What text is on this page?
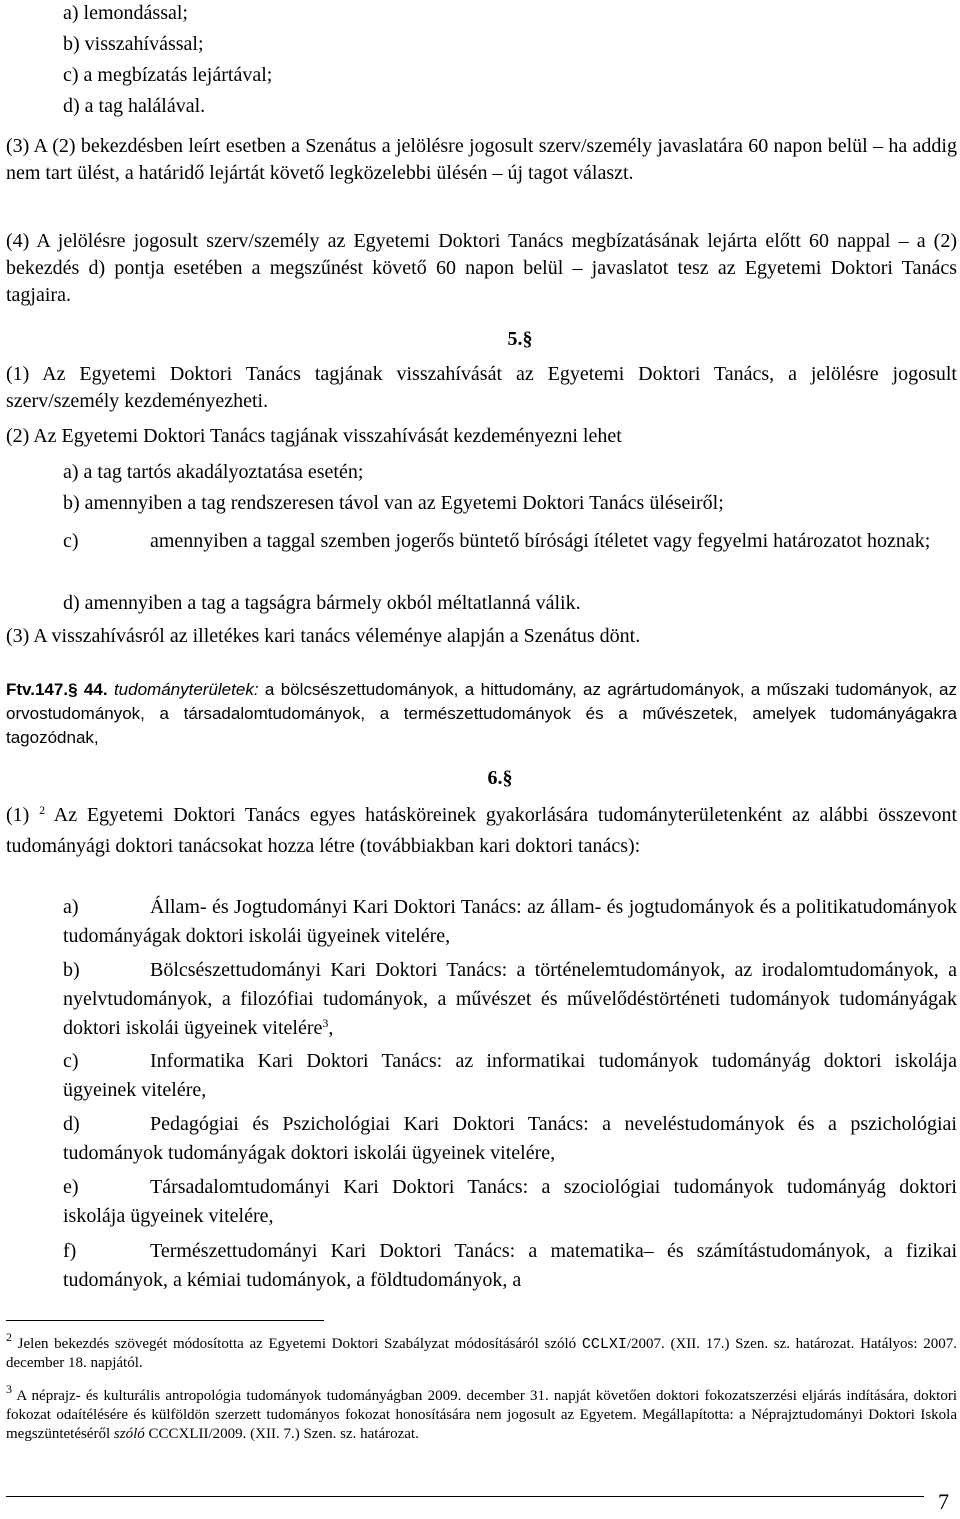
a) lemondással;
b) visszahívással;
c) a megbízatás lejártával;
d) a tag halálával.
(3) A (2) bekezdésben leírt esetben a Szenátus a jelölésre jogosult szerv/személy javaslatára 60 napon belül – ha addig nem tart ülést, a határidő lejártát követő legközelebbi ülésén – új tagot választ.
(4) A jelölésre jogosult szerv/személy az Egyetemi Doktori Tanács megbízatásának lejárta előtt 60 nappal – a (2) bekezdés d) pontja esetében a megszűnést követő 60 napon belül – javaslatot tesz az Egyetemi Doktori Tanács tagjaira.
5.§
(1) Az Egyetemi Doktori Tanács tagjának visszahívását az Egyetemi Doktori Tanács, a jelölésre jogosult szerv/személy kezdeményezheti.
(2) Az Egyetemi Doktori Tanács tagjának visszahívását kezdeményezni lehet
a) a tag tartós akadályoztatása esetén;
b) amennyiben a tag rendszeresen távol van az Egyetemi Doktori Tanács üléseiről;
c)	amennyiben a taggal szemben jogerős büntető bírósági ítéletet vagy fegyelmi határozatot hoznak;
d) amennyiben a tag a tagságra bármely okból méltatlanná válik.
(3) A visszahívásról az illetékes kari tanács véleménye alapján a Szenátus dönt.
Ftv.147.§ 44. tudományterületek: a bölcsészettudományok, a hittudomány, az agrártudományok, a műszaki tudományok, az orvostudományok, a társadalomtudományok, a természettudományok és a művészetek, amelyek tudományágakra tagozódnak,
6.§
(1) $^2$ Az Egyetemi Doktori Tanács egyes hatásköreinek gyakorlására tudományterületenként az alábbi összevont tudományági doktori tanácsokat hozza létre (továbbiakban kari doktori tanács):
a)	Állam- és Jogtudományi Kari Doktori Tanács: az állam- és jogtudományok és a politikatudományok tudományágak doktori iskolái ügyeinek vitelére,
b)	Bölcsészettudományi Kari Doktori Tanács: a történelemtudományok, az irodalomtudományok, a nyelvtudományok, a filozófiai tudományok, a művészet és művelődéstörténeti tudományok tudományágak doktori iskolái ügyeinek vitelére$^3$,
c)	Informatika Kari Doktori Tanács: az informatikai tudományok tudományág doktori iskolája ügyeinek vitelére,
d)	Pedagógiai és Pszichológiai Kari Doktori Tanács: a neveléstudományok és a pszichológiai tudományok tudományágak doktori iskolái ügyeinek vitelére,
e)	Társadalomtudományi Kari Doktori Tanács: a szociológiai tudományok tudományág doktori iskolája ügyeinek vitelére,
f)	Természettudományi Kari Doktori Tanács: a matematika– és számítástudományok, a fizikai tudományok, a kémiai tudományok, a földtudományok, a
$^2$ Jelen bekezdés szövegét módosította az Egyetemi Doktori Szabályzat módosításáról szóló CCLXI/2007. (XII. 17.) Szen. sz. határozat. Hatályos: 2007. december 18. napjától.
$^3$ A néprajz- és kulturális antropológia tudományok tudományágban 2009. december 31. napját követően doktori fokozatszerzési eljárás indítására, doktori fokozat odaítélésére és külföldön szerzett tudományos fokozat honosítására nem jogosult az Egyetem. Megállapította: a Néprajztudományi Doktori Iskola megszüntetéséről szóló CCCXLII/2009. (XII. 7.) Szen. sz. határozat.
7
